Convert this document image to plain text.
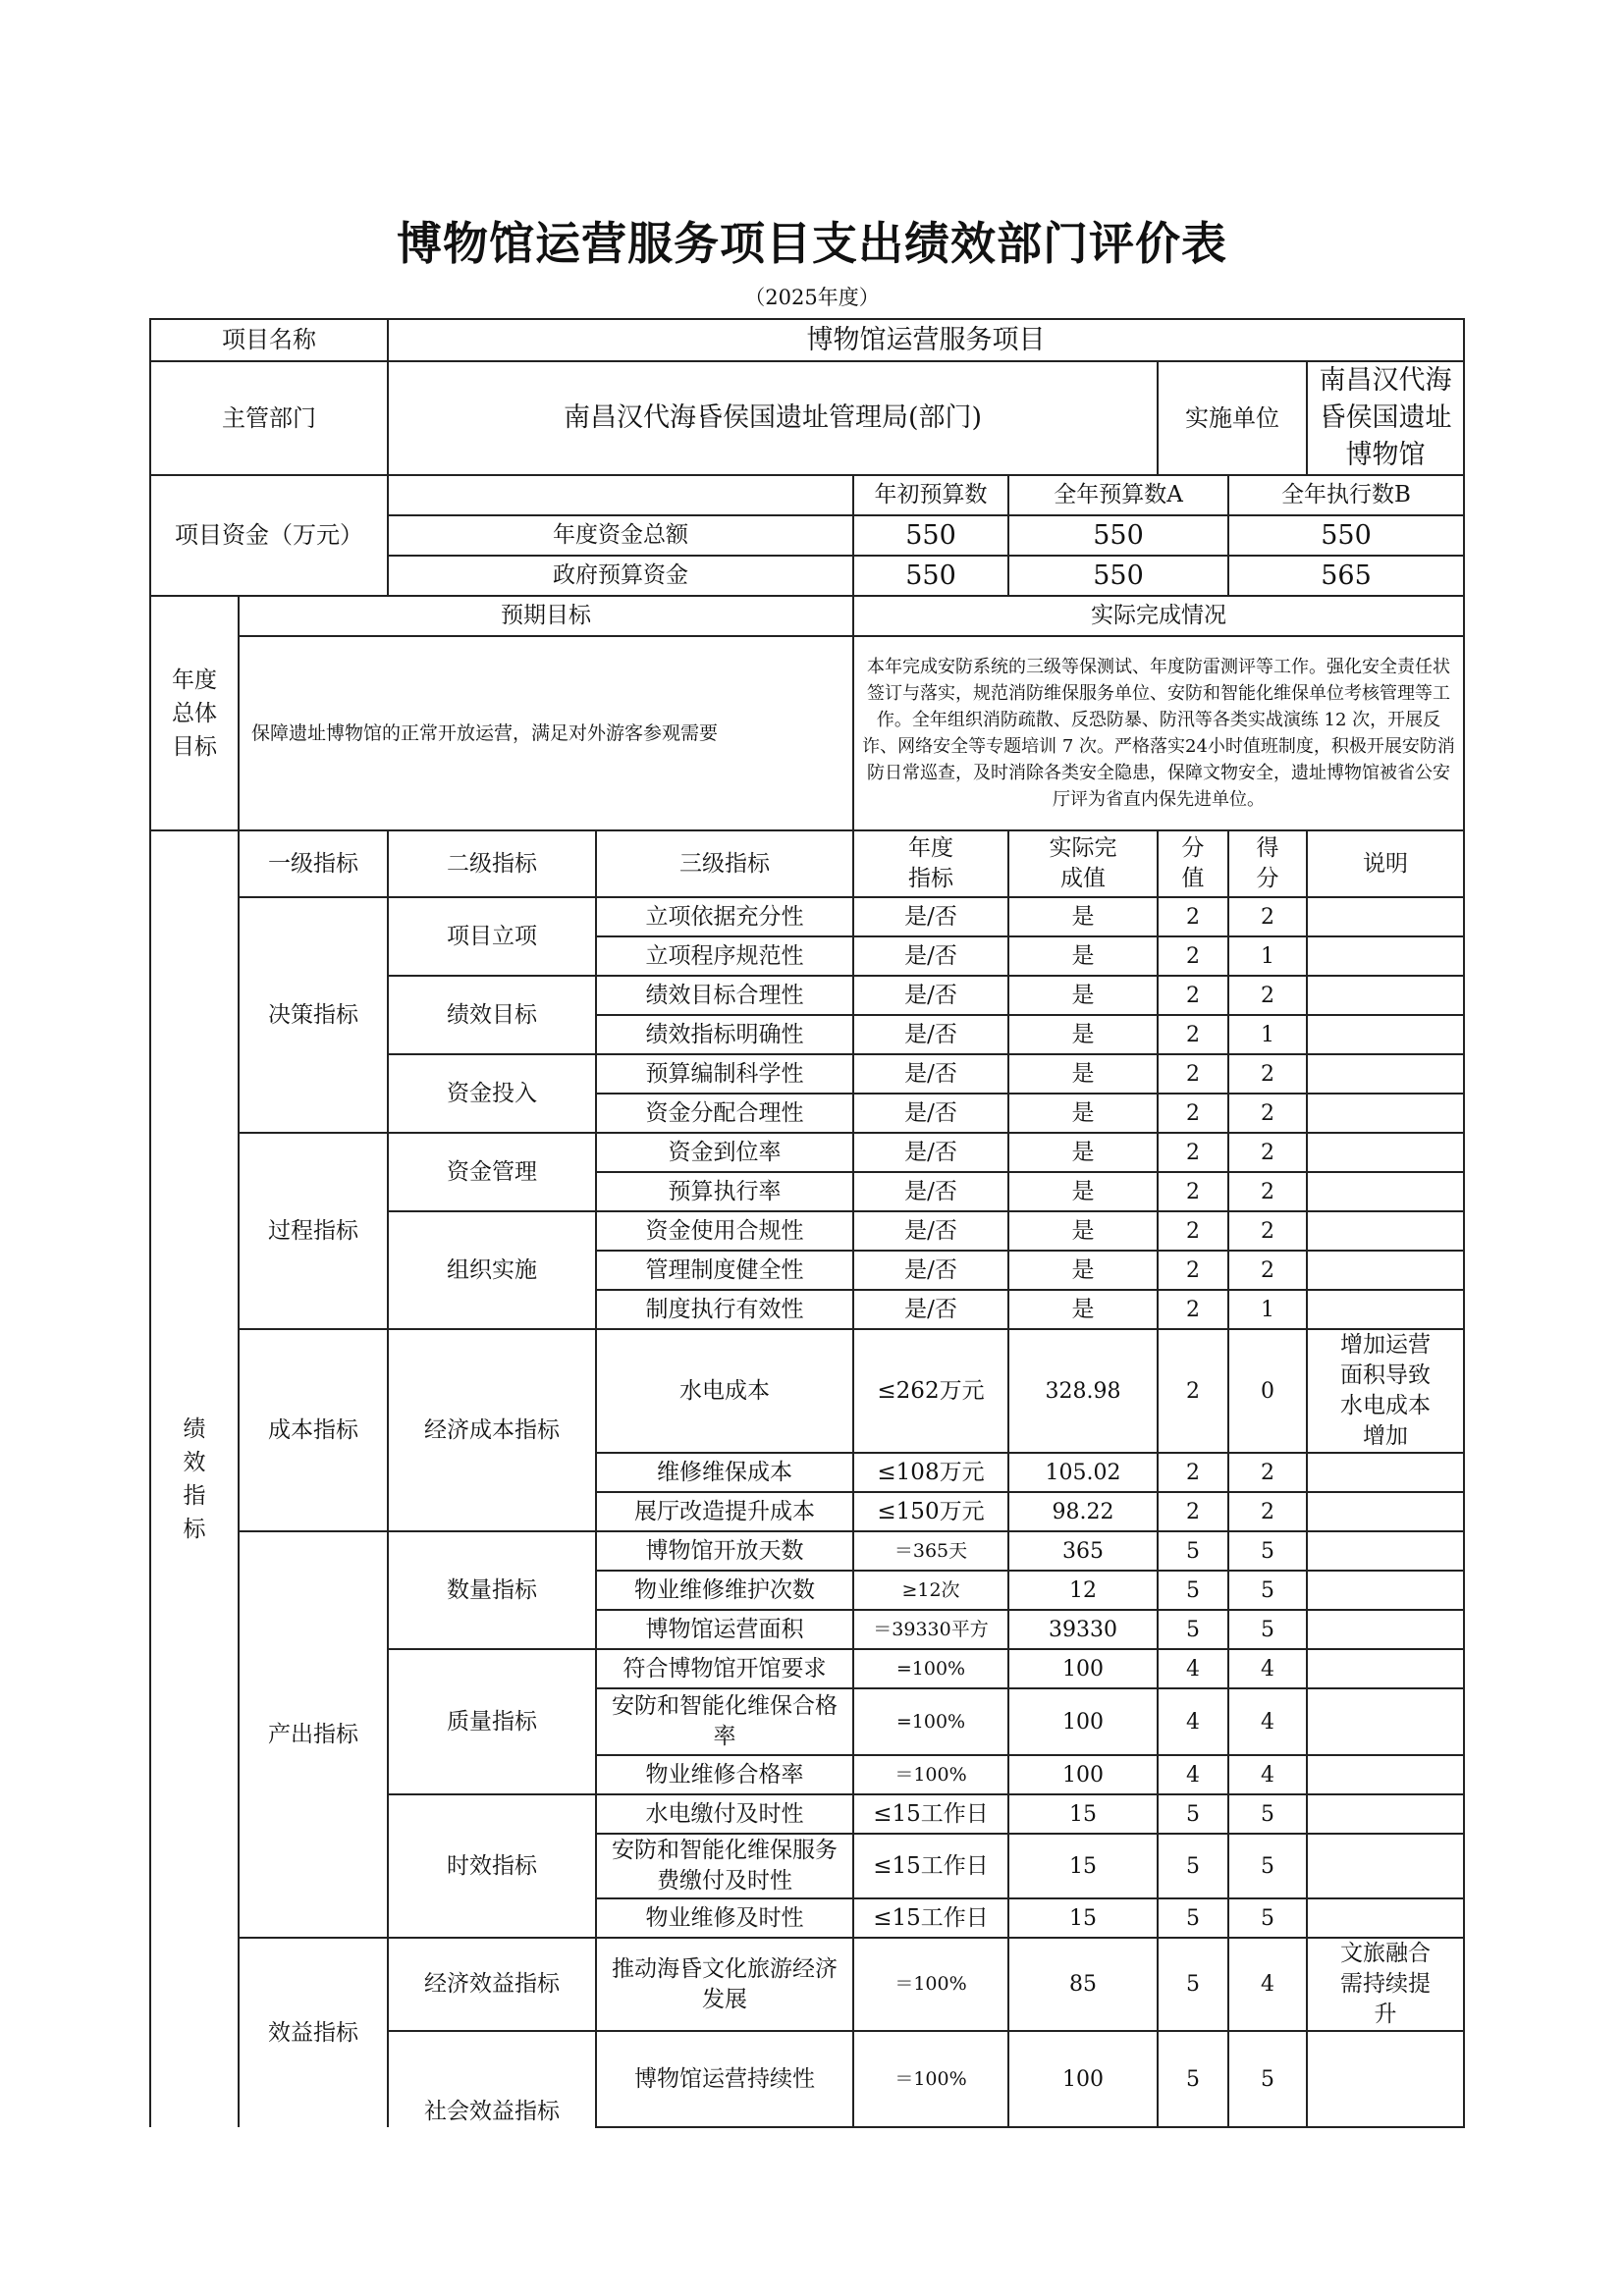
博物馆运营服务项目支出绩效部门评价表
（2025年度）
项目名称		博物馆运营服务项目						
主管部门		南昌汉代海昏侯国遗址管理局(部门)				实施单位		南昌汉代海昏侯国遗址博物馆
项目资金（万元）				年初预算数	全年预算数A		全年执行数B	
		年度资金总额		550	550		550	
		政府预算资金		550	550		565	

年度总体目标	预期目标			实际完成情况				
	保障遗址博物馆的正常开放运营，满足对外游客参观需要			本年完成安防系统的三级等保测试、年度防雷测评等工作。强化安全责任状签订与落实，规范消防维保服务单位、安防和智能化维保单位考核管理等工作。全年组织消防疏散、反恐防暴、防汛等各类实战演练 12 次，开展反诈、网络安全等专题培训 7 次。严格落实24小时值班制度，积极开展安防消防日常巡查，及时消除各类安全隐患，保障文物安全，遗址博物馆被省公安厅评为省直内保先进单位。				

绩效指标	一级指标	二级指标	三级指标	年度指标	实际完成值	分值	得分	说明
	决策指标	项目立项	立项依据充分性	是/否	是	2	2	
			立项程序规范性	是/否	是	2	1	
		绩效目标	绩效目标合理性	是/否	是	2	2	
			绩效指标明确性	是/否	是	2	1	
		资金投入	预算编制科学性	是/否	是	2	2	
			资金分配合理性	是/否	是	2	2	
	过程指标	资金管理	资金到位率	是/否	是	2	2	
			预算执行率	是/否	是	2	2	
		组织实施	资金使用合规性	是/否	是	2	2	
			管理制度健全性	是/否	是	2	2	
			制度执行有效性	是/否	是	2	1	
	成本指标	经济成本指标	水电成本	≤262万元	328.98	2	0	增加运营面积导致水电成本增加

			维修维保成本	≤108万元	105.02	2	2	
			展厅改造提升成本	≤150万元	98.22	2	2	
	产出指标	数量指标	博物馆开放天数	＝365天	365	5	5	
			物业维修维护次数	≥12次	12	5	5	
			博物馆运营面积	＝39330平方	39330	5	5	
		质量指标	符合博物馆开馆要求	=100%	100	4	4	
			安防和智能化维保合格率	=100%	100	4	4	
			物业维修合格率	＝100%	100	4	4	
		时效指标	水电缴付及时性	≤15工作日	15	5	5	
			安防和智能化维保服务费缴付及时性	≤15工作日	15	5	5	
			物业维修及时性	≤15工作日	15	5	5	
	效益指标	经济效益指标	推动海昏文化旅游经济发展	＝100%	85	5	4	文旅融合需持续提升

		社会效益指标	博物馆运营持续性	＝100%	100	5	5	
